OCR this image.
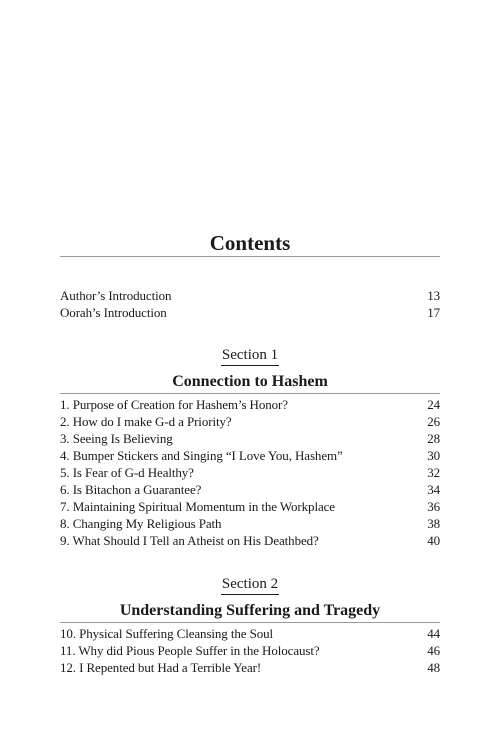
Contents
Author’s Introduction	13
Oorah’s Introduction	17
Section 1
Connection to Hashem
1. Purpose of Creation for Hashem’s Honor?	24
2. How do I make G-d a Priority?	26
3. Seeing Is Believing	28
4. Bumper Stickers and Singing “I Love You, Hashem”	30
5. Is Fear of G-d Healthy?	32
6. Is Bitachon a Guarantee?	34
7. Maintaining Spiritual Momentum in the Workplace	36
8. Changing My Religious Path	38
9. What Should I Tell an Atheist on His Deathbed?	40
Section 2
Understanding Suffering and Tragedy
10. Physical Suffering Cleansing the Soul	44
11. Why did Pious People Suffer in the Holocaust?	46
12. I Repented but Had a Terrible Year!	48
